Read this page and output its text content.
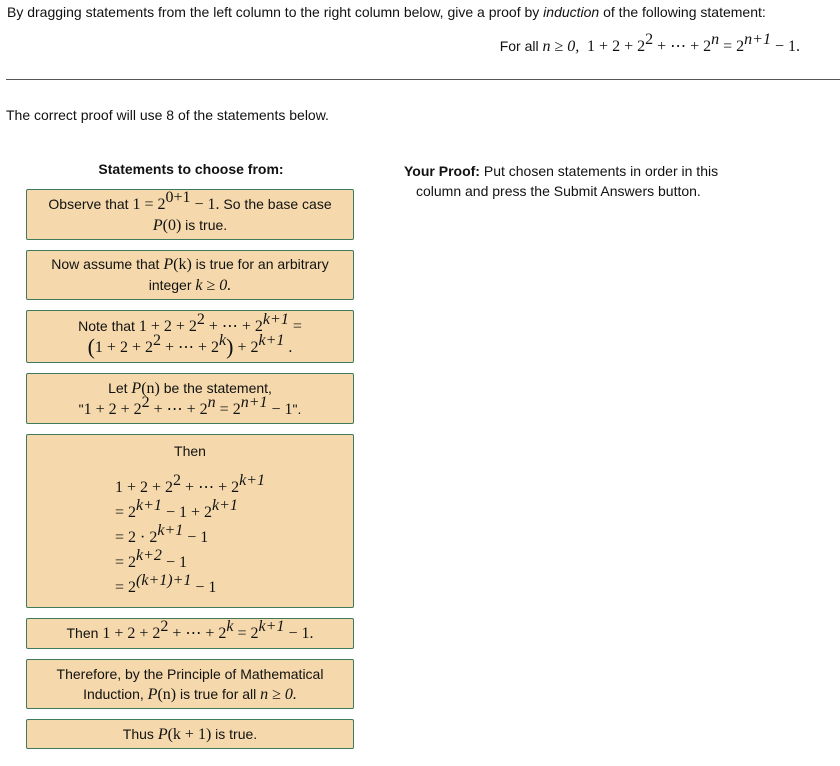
By dragging statements from the left column to the right column below, give a proof by induction of the following statement:
For all n ≥ 0, $1 + 2 + 2^2$ + ⋯ + $2^n = 2^{n+1} - 1$.
The correct proof will use 8 of the statements below.
Statements to choose from:	Your Proof: Put chosen statements in order in this
column and press the Submit Answers button.
Observe that $1 = 2^{0+1} - 1$. So the base case
P(0) is true.
Now assume that P(k) is true for an arbitrary
integer k ≥ 0.
Note that $1 + 2 + 2^2$ + ⋯ + $2^{k+1}$ =
($1 + 2 + 2^2$ + ⋯ + $2^k) + 2^{k+1}$ .
Let P(n) be the statement,
"$1 + 2 + 2^2$ + ⋯ + $2^n = 2^{n+1} - 1$".
Then
$1 + 2 + 2^2$ + ⋯ + $2^{k+1}$
= $2^{k+1} - 1 + 2^{k+1}$
= $2 \cdot 2^{k+1} - 1$
= $2^{k+2} - 1$
= $2^{(k+1)+1} - 1$
Then $1 + 2 + 2^2$ + ⋯ + $2^k = 2^{k+1} - 1$.
Therefore, by the Principle of Mathematical
Induction, P(n) is true for all n ≥ 0.
Thus P(k + 1) is true.
